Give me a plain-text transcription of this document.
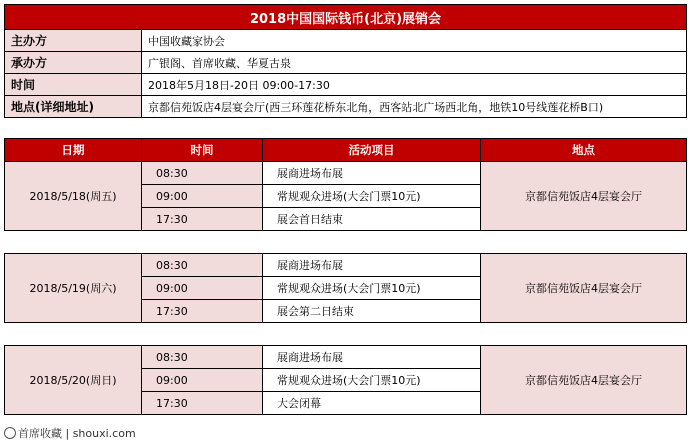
2018中国国际钱币(北京)展销会	
主办方	中国收藏家协会
承办方	广银阁、首席收藏、华夏古泉
时间	2018年5月18日-20日 09:00-17:30
地点(详细地址)	京都信苑饭店4层宴会厅(西三环莲花桥东北角，西客站北广场西北角，地铁10号线莲花桥B口)
日期	时间	活动项目	地点
2018/5/18(周五)	08:30	展商进场布展	京都信苑饭店4层宴会厅
	09:00	常规观众进场(大会门票10元)	
	17:30	展会首日结束	

2018/5/19(周六)	08:30	展商进场布展	京都信苑饭店4层宴会厅
	09:00	常规观众进场(大会门票10元)	
	17:30	展会第二日结束	

2018/5/20(周日)	08:30	展商进场布展	京都信苑饭店4层宴会厅
	09:00	常规观众进场(大会门票10元)	
	17:30	大会闭幕	
首席收藏 | shouxi.com
